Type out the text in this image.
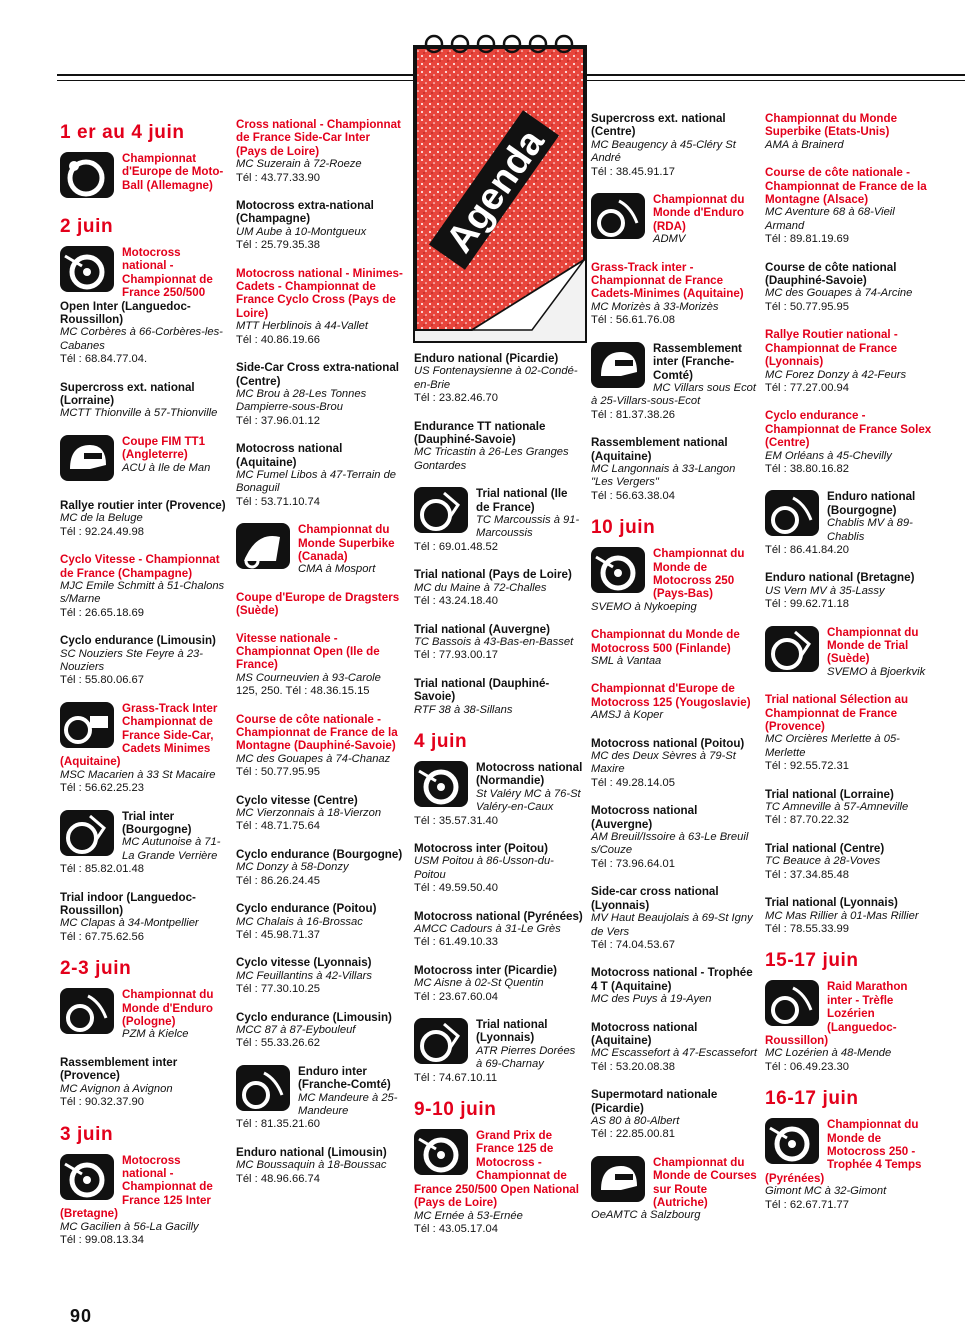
Agenda
1 er au 4 juin
Championnat d'Europe de Moto-Ball (Allemagne)
2 juin
Motocross national - Championnat de France 250/500
Open Inter (Languedoc-Roussillon)
MC Corbères à 66-Corbères-les-Cabanes
Tél : 68.84.77.04.
Supercross ext. national (Lorraine)
MCTT Thionville à 57-Thionville
Coupe FIM TT1 (Angleterre)
ACU à Ile de Man
Rallye routier inter (Provence)
MC de la Beluge
Tél : 92.24.49.98
Cyclo Vitesse - Championnat de France (Champagne)
MJC Emile Schmitt à 51-Chalons s/Marne
Tél : 26.65.18.69
Cyclo endurance (Limousin)
SC Nouziers Ste Feyre à 23-Nouziers
Tél : 55.80.06.67
Grass-Track Inter Championnat de France Side-Car, Cadets Minimes (Aquitaine)
MSC Macarien à 33 St Macaire
Tél : 56.62.25.23
Trial inter (Bourgogne)
MC Autunoise à 71-La Grande Verrière
Tél : 85.82.01.48
Trial indoor (Languedoc-Roussillon)
MC Clapas à 34-Montpellier
Tél : 67.75.62.56
2-3 juin
Championnat du Monde d'Enduro (Pologne)
PZM à Kielce
Rassemblement inter (Provence)
MC Avignon à Avignon
Tél : 90.32.37.90
3 juin
Motocross national - Championnat de France 125 Inter (Bretagne)
MC Gacilien à 56-La Gacilly
Tél : 99.08.13.34
Cross national - Championnat de France Side-Car Inter (Pays de Loire)
MC Suzerain à 72-Roeze
Tél : 43.77.33.90
Motocross extra-national (Champagne)
UM Aube à 10-Montgueux
Tél : 25.79.35.38
Motocross national - Minimes-Cadets - Championnat de France Cyclo Cross (Pays de Loire)
MTT Herblinois à 44-Vallet
Tél : 40.86.19.66
Side-Car Cross extra-national (Centre)
MC Brou à 28-Les Tonnes Dampierre-sous-Brou
Tél : 37.96.01.12
Motocross national (Aquitaine)
MC Fumel Libos à 47-Terrain de Bonaguil
Tél : 53.71.10.74
Championnat du Monde Superbike (Canada)
CMA à Mosport
Coupe d'Europe de Dragsters (Suède)
Vitesse nationale - Championnat Open (Ile de France)
MS Courneuvien à 93-Carole
125, 250. Tél : 48.36.15.15
Course de côte nationale - Championnat de France de la Montagne (Dauphiné-Savoie)
MC des Gouapes à 74-Chanaz
Tél : 50.77.95.95
Cyclo vitesse (Centre)
MC Vierzonnais à 18-Vierzon
Tél : 48.71.75.64
Cyclo endurance (Bourgogne)
MC Donzy à 58-Donzy
Tél : 86.26.24.45
Cyclo endurance (Poitou)
MC Chalais à 16-Brossac
Tél : 45.98.71.37
Cyclo vitesse (Lyonnais)
MC Feuillantins à 42-Villars
Tél : 77.30.10.25
Cyclo endurance (Limousin)
MCC 87 à 87-Eybouleuf
Tél : 55.33.26.62
Enduro inter (Franche-Comté)
MC Mandeure à 25-Mandeure
Tél : 81.35.21.60
Enduro national (Limousin)
MC Boussaquin à 18-Boussac
Tél : 48.96.66.74
Enduro national (Picardie)
US Fontenaysienne à 02-Condé-en-Brie
Tél : 23.82.46.70
Endurance TT nationale (Dauphiné-Savoie)
MC Tricastin à 26-Les Granges Gontardes
Trial national (Ile de France)
TC Marcoussis à 91-Marcoussis
Tél : 69.01.48.52
Trial national (Pays de Loire)
MC du Maine à 72-Challes
Tél : 43.24.18.40
Trial national (Auvergne)
TC Bassois à 43-Bas-en-Basset
Tél : 77.93.00.17
Trial national (Dauphiné-Savoie)
RTF 38 à 38-Sillans
4 juin
Motocross national (Normandie)
St Valéry MC à 76-St Valéry-en-Caux
Tél : 35.57.31.40
Motocross inter (Poitou)
USM Poitou à 86-Usson-du-Poitou
Tél : 49.59.50.40
Motocross national (Pyrénées)
AMCC Cadours à 31-Le Grès
Tél : 61.49.10.33
Motocross inter (Picardie)
MC Aisne à 02-St Quentin
Tél : 23.67.60.04
Trial national (Lyonnais)
ATR Pierres Dorées à 69-Charnay
Tél : 74.67.10.11
9-10 juin
Grand Prix de France 125 de Motocross - Championnat de France 250/500 Open National (Pays de Loire)
MC Ernée à 53-Ernée
Tél : 43.05.17.04
Supercross ext. national (Centre)
MC Beaugency à 45-Cléry St André
Tél : 38.45.91.17
Championnat du Monde d'Enduro (RDA)
ADMV
Grass-Track inter - Championnat de France Cadets-Minimes (Aquitaine)
MC Morizès à 33-Morizès
Tél : 56.61.76.08
Rassemblement inter (Franche-Comté)
MC Villars sous Ecot à 25-Villars-sous-Ecot
Tél : 81.37.38.26
Rassemblement national (Aquitaine)
MC Langonnais à 33-Langon "Les Vergers"
Tél : 56.63.38.04
10 juin
Championnat du Monde de Motocross 250 (Pays-Bas)
SVEMO à Nykoeping
Championnat du Monde de Motocross 500 (Finlande)
SML à Vantaa
Championnat d'Europe de Motocross 125 (Yougoslavie)
AMSJ à Koper
Motocross national (Poitou)
MC des Deux Sèvres à 79-St Maxire
Tél : 49.28.14.05
Motocross national (Auvergne)
AM Breuil/Issoire à 63-Le Breuil s/Couze
Tél : 73.96.64.01
Side-car cross national (Lyonnais)
MV Haut Beaujolais à 69-St Igny de Vers
Tél : 74.04.53.67
Motocross national - Trophée 4 T (Aquitaine)
MC des Puys à 19-Ayen
Motocross national (Aquitaine)
MC Escassefort à 47-Escassefort
Tél : 53.20.08.38
Supermotard nationale (Picardie)
AS 80 à 80-Albert
Tél : 22.85.00.81
Championnat du Monde de Courses sur Route (Autriche)
OeAMTC à Salzbourg
Championnat du Monde Superbike (Etats-Unis)
AMA à Brainerd
Course de côte nationale - Championnat de France de la Montagne (Alsace)
MC Aventure 68 à 68-Vieil Armand
Tél : 89.81.19.69
Course de côte national (Dauphiné-Savoie)
MC des Gouapes à 74-Arcine
Tél : 50.77.95.95
Rallye Routier national - Championnat de France (Lyonnais)
MC Forez Donzy à 42-Feurs
Tél : 77.27.00.94
Cyclo endurance - Championnat de France Solex (Centre)
EM Orléans à 45-Chevilly
Tél : 38.80.16.82
Enduro national (Bourgogne)
Chablis MV à 89-Chablis
Tél : 86.41.84.20
Enduro national (Bretagne)
US Vern MV à 35-Lassy
Tél : 99.62.71.18
Championnat du Monde de Trial (Suède)
SVEMO à Bjoerkvik
Trial national Sélection au Championnat de France (Provence)
MC Orcières Merlette à 05-Merlette
Tél : 92.55.72.31
Trial national (Lorraine)
TC Amneville à 57-Amneville
Tél : 87.70.22.32
Trial national (Centre)
TC Beauce à 28-Voves
Tél : 37.34.85.48
Trial national (Lyonnais)
MC Mas Rillier à 01-Mas Rillier
Tél : 78.55.33.99
15-17 juin
Raid Marathon inter - Trèfle Lozérien (Languedoc-Roussillon)
MC Lozérien à 48-Mende
Tél : 06.49.23.30
16-17 juin
Championnat du Monde de Motocross 250 - Trophée 4 Temps (Pyrénées)
Gimont MC à 32-Gimont
Tél : 62.67.71.77
90
